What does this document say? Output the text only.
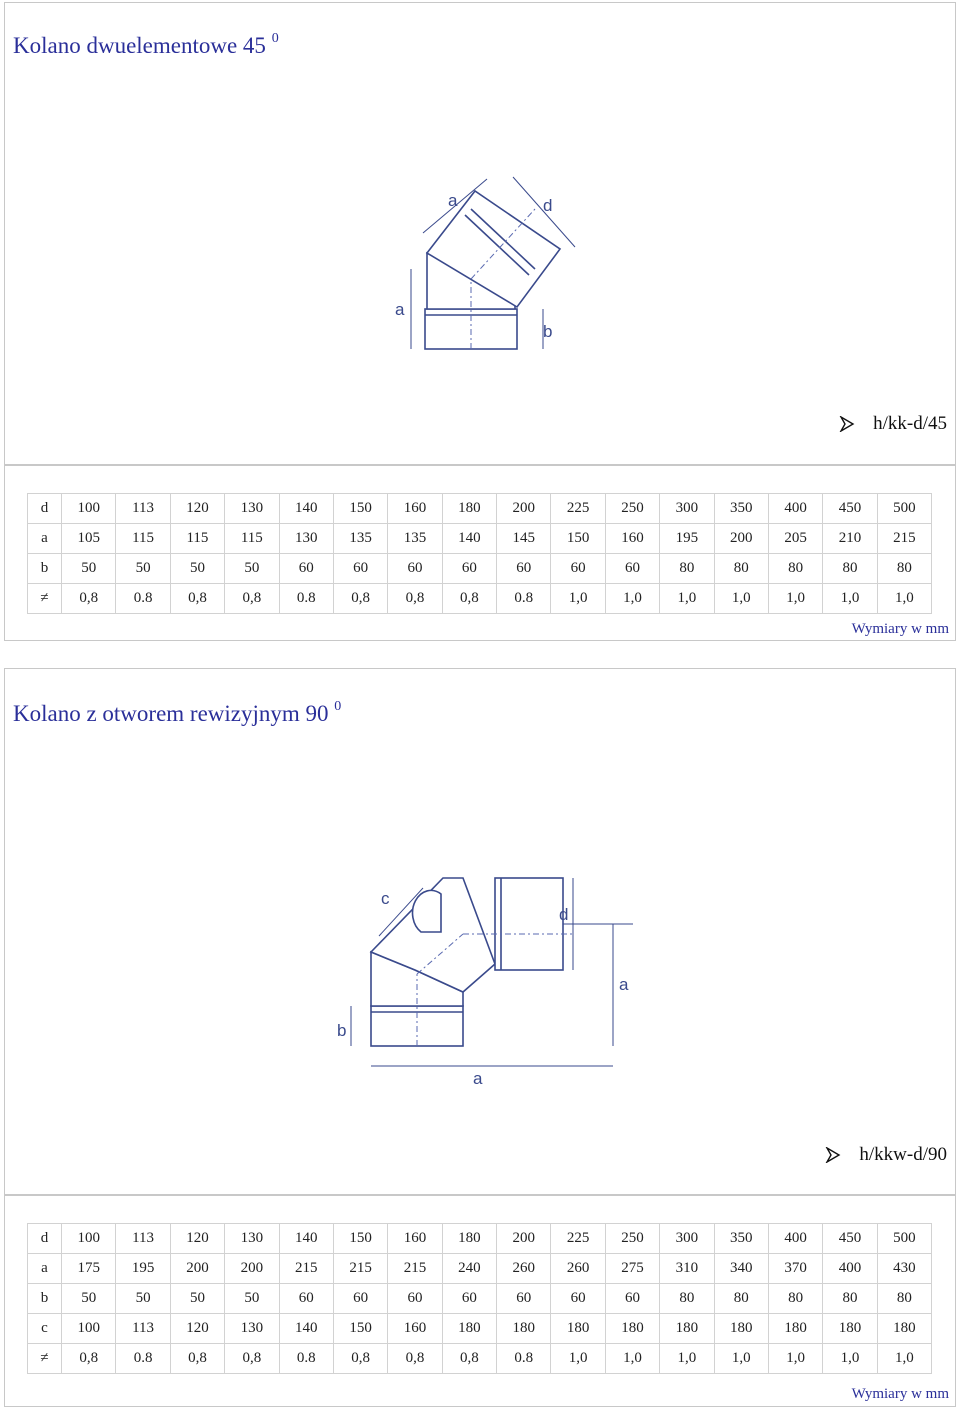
Kolano dwuelementowe 45 $^0$
a	d
a
b
h/kk-d/45
d	100	113	120	130	140	150	160	180	200	225	250	300	350	400	450	500
a	105	115	115	115	130	135	135	140	145	150	160	195	200	205	210	215
b	50	50	50	50	60	60	60	60	60	60	60	80	80	80	80	80
≠	0,8	0.8	0,8	0,8	0.8	0,8	0,8	0,8	0.8	1,0	1,0	1,0	1,0	1,0	1,0	1,0
Wymiary w mm
Kolano z otworem rewizyjnym 90 $^0$
c
d
a
b
a
h/kkw-d/90
d	100	113	120	130	140	150	160	180	200	225	250	300	350	400	450	500
a	175	195	200	200	215	215	215	240	260	260	275	310	340	370	400	430
b	50	50	50	50	60	60	60	60	60	60	60	80	80	80	80	80
c	100	113	120	130	140	150	160	180	180	180	180	180	180	180	180	180
≠	0,8	0.8	0,8	0,8	0.8	0,8	0,8	0,8	0.8	1,0	1,0	1,0	1,0	1,0	1,0	1,0
Wymiary w mm
